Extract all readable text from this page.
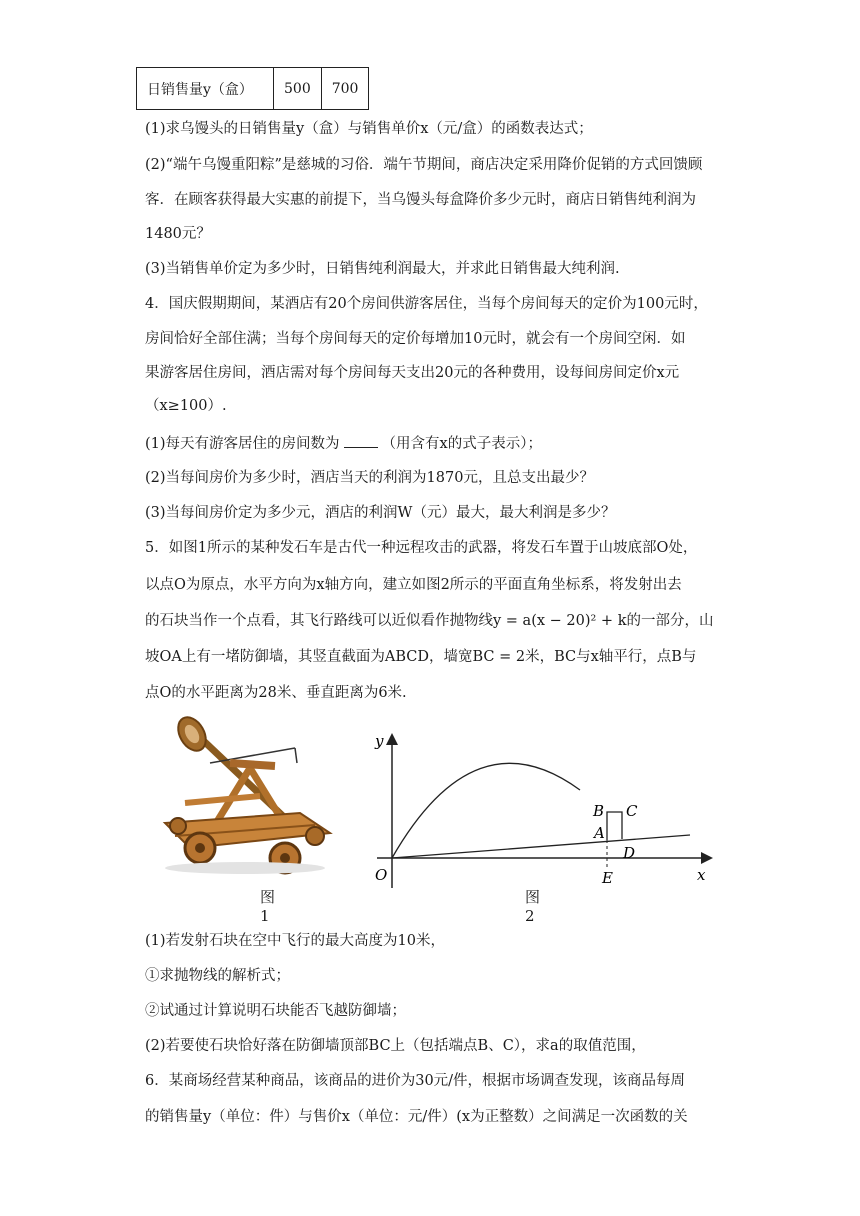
日销售量y（盒）	500	700
(1)求乌馒头的日销售量y（盒）与销售单价x（元/盒）的函数表达式；
(2)“端午乌馒重阳粽”是慈城的习俗．端午节期间，商店决定采用降价促销的方式回馈顾
客．在顾客获得最大实惠的前提下，当乌馒头每盒降价多少元时，商店日销售纯利润为
1480元？
(3)当销售单价定为多少时，日销售纯利润最大，并求此日销售最大纯利润.
4．国庆假期期间，某酒店有20个房间供游客居住，当每个房间每天的定价为100元时，
房间恰好全部住满；当每个房间每天的定价每增加10元时，就会有一个房间空闲．如
果游客居住房间，酒店需对每个房间每天支出20元的各种费用，设每间房间定价x元
（x≥100）.
(1)每天有游客居住的房间数为	（用含有x的式子表示）；
(2)当每间房价为多少时，酒店当天的利润为1870元，且总支出最少？
(3)当每间房价定为多少元，酒店的利润W（元）最大，最大利润是多少？
5．如图1所示的某种发石车是古代一种远程攻击的武器，将发石车置于山坡底部O处，
以点O为原点，水平方向为x轴方向，建立如图2所示的平面直角坐标系，将发射出去
的石块当作一个点看，其飞行路线可以近似看作抛物线y = a(x − 20)² + k的一部分，山
坡OA上有一堵防御墙，其竖直截面为ABCD，墙宽BC = 2米，BC与x轴平行，点B与
点O的水平距离为28米、垂直距离为6米.
图1
y
x
O
B C
A
D
E
图2
(1)若发射石块在空中飞行的最大高度为10米，
①求抛物线的解析式；
②试通过计算说明石块能否飞越防御墙；
(2)若要使石块恰好落在防御墙顶部BC上（包括端点B、C），求a的取值范围，
6．某商场经营某种商品，该商品的进价为30元/件，根据市场调查发现，该商品每周
的销售量y（单位：件）与售价x（单位：元/件）(x为正整数）之间满足一次函数的关
